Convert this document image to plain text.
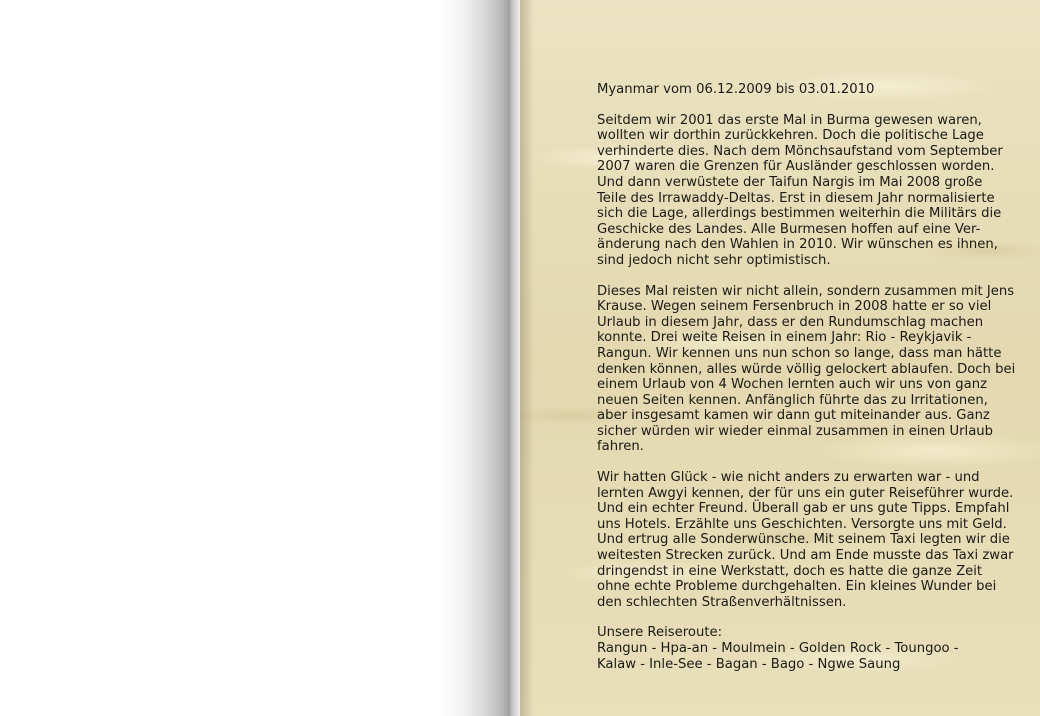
Myanmar vom 06.12.2009 bis 03.01.2010
Seitdem wir 2001 das erste Mal in Burma gewesen waren,
wollten wir dorthin zurückkehren. Doch die politische Lage
verhinderte dies. Nach dem Mönchsaufstand vom September
2007 waren die Grenzen für Ausländer geschlossen worden.
Und dann verwüstete der Taifun Nargis im Mai 2008 große
Teile des Irrawaddy-Deltas. Erst in diesem Jahr normalisierte
sich die Lage, allerdings bestimmen weiterhin die Militärs die
Geschicke des Landes. Alle Burmesen hoffen auf eine Ver-
änderung nach den Wahlen in 2010. Wir wünschen es ihnen,
sind jedoch nicht sehr optimistisch.
Dieses Mal reisten wir nicht allein, sondern zusammen mit Jens
Krause. Wegen seinem Fersenbruch in 2008 hatte er so viel
Urlaub in diesem Jahr, dass er den Rundumschlag machen
konnte. Drei weite Reisen in einem Jahr: Rio - Reykjavik -
Rangun. Wir kennen uns nun schon so lange, dass man hätte
denken können, alles würde völlig gelockert ablaufen. Doch bei
einem Urlaub von 4 Wochen lernten auch wir uns von ganz
neuen Seiten kennen. Anfänglich führte das zu Irritationen,
aber insgesamt kamen wir dann gut miteinander aus. Ganz
sicher würden wir wieder einmal zusammen in einen Urlaub
fahren.
Wir hatten Glück - wie nicht anders zu erwarten war - und
lernten Awgyi kennen, der für uns ein guter Reiseführer wurde.
Und ein echter Freund. Überall gab er uns gute Tipps. Empfahl
uns Hotels. Erzählte uns Geschichten. Versorgte uns mit Geld.
Und ertrug alle Sonderwünsche. Mit seinem Taxi legten wir die
weitesten Strecken zurück. Und am Ende musste das Taxi zwar
dringendst in eine Werkstatt, doch es hatte die ganze Zeit
ohne echte Probleme durchgehalten. Ein kleines Wunder bei
den schlechten Straßenverhältnissen.
Unsere Reiseroute:
Rangun - Hpa-an - Moulmein - Golden Rock - Toungoo -
Kalaw - Inle-See - Bagan - Bago - Ngwe Saung
